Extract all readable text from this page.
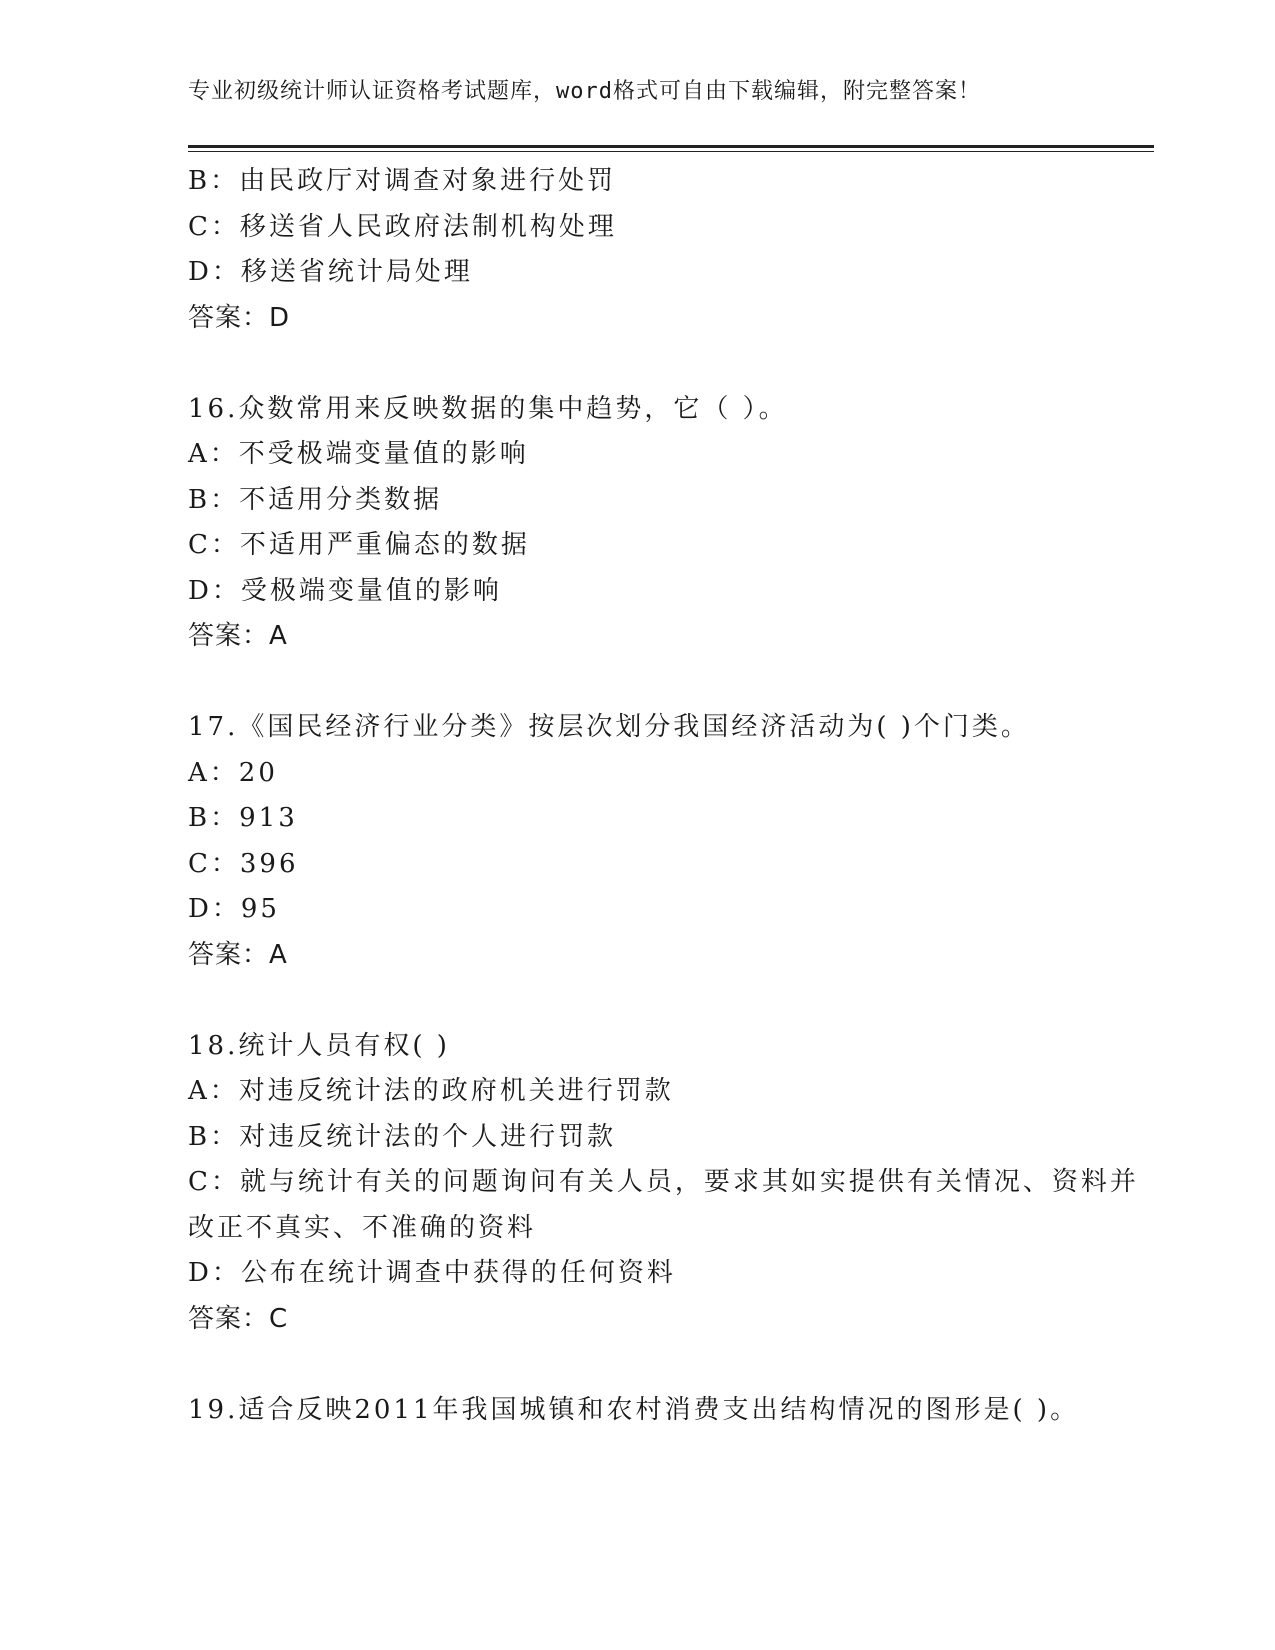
专业初级统计师认证资格考试题库，word格式可自由下载编辑，附完整答案！
B：由民政厅对调查对象进行处罚
C：移送省人民政府法制机构处理
D：移送省统计局处理
答案：D
16.众数常用来反映数据的集中趋势，它（ ）。
A：不受极端变量值的影响
B：不适用分类数据
C：不适用严重偏态的数据
D：受极端变量值的影响
答案：A
17.《国民经济行业分类》按层次划分我国经济活动为( )个门类。
A：20
B：913
C：396
D：95
答案：A
18.统计人员有权( )
A：对违反统计法的政府机关进行罚款
B：对违反统计法的个人进行罚款
C：就与统计有关的问题询问有关人员，要求其如实提供有关情况、资料并改正不真实、不准确的资料
D：公布在统计调查中获得的任何资料
答案：C
19.适合反映2011年我国城镇和农村消费支出结构情况的图形是( )。
